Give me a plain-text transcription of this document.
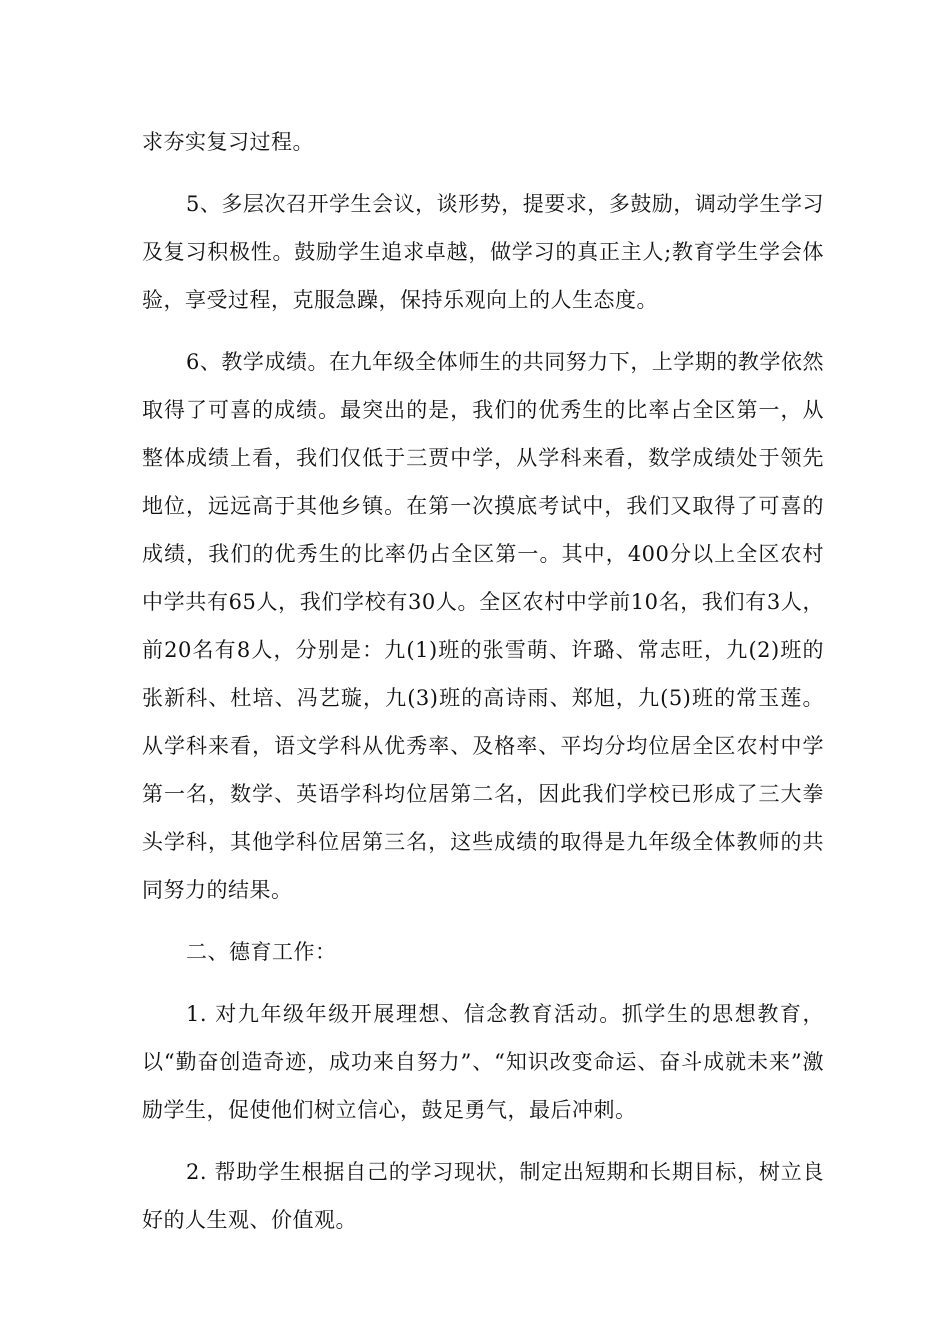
求夯实复习过程。

5、多层次召开学生会议，谈形势，提要求，多鼓励，调动学生学习及复习积极性。鼓励学生追求卓越，做学习的真正主人;教育学生学会体验，享受过程，克服急躁，保持乐观向上的人生态度。

6、教学成绩。在九年级全体师生的共同努力下，上学期的教学依然取得了可喜的成绩。最突出的是，我们的优秀生的比率占全区第一，从整体成绩上看，我们仅低于三贾中学，从学科来看，数学成绩处于领先地位，远远高于其他乡镇。在第一次摸底考试中，我们又取得了可喜的成绩，我们的优秀生的比率仍占全区第一。其中，400分以上全区农村中学共有65人，我们学校有30人。全区农村中学前10名，我们有3人，前20名有8人，分别是：九(1)班的张雪萌、许璐、常志旺，九(2)班的张新科、杜培、冯艺璇，九(3)班的高诗雨、郑旭，九(5)班的常玉莲。从学科来看，语文学科从优秀率、及格率、平均分均位居全区农村中学第一名，数学、英语学科均位居第二名，因此我们学校已形成了三大拳头学科，其他学科位居第三名，这些成绩的取得是九年级全体教师的共同努力的结果。

二、德育工作：

1. 对九年级年级开展理想、信念教育活动。抓学生的思想教育，以“勤奋创造奇迹，成功来自努力”、“知识改变命运、奋斗成就未来”激励学生，促使他们树立信心，鼓足勇气，最后冲刺。

2. 帮助学生根据自己的学习现状，制定出短期和长期目标，树立良好的人生观、价值观。
